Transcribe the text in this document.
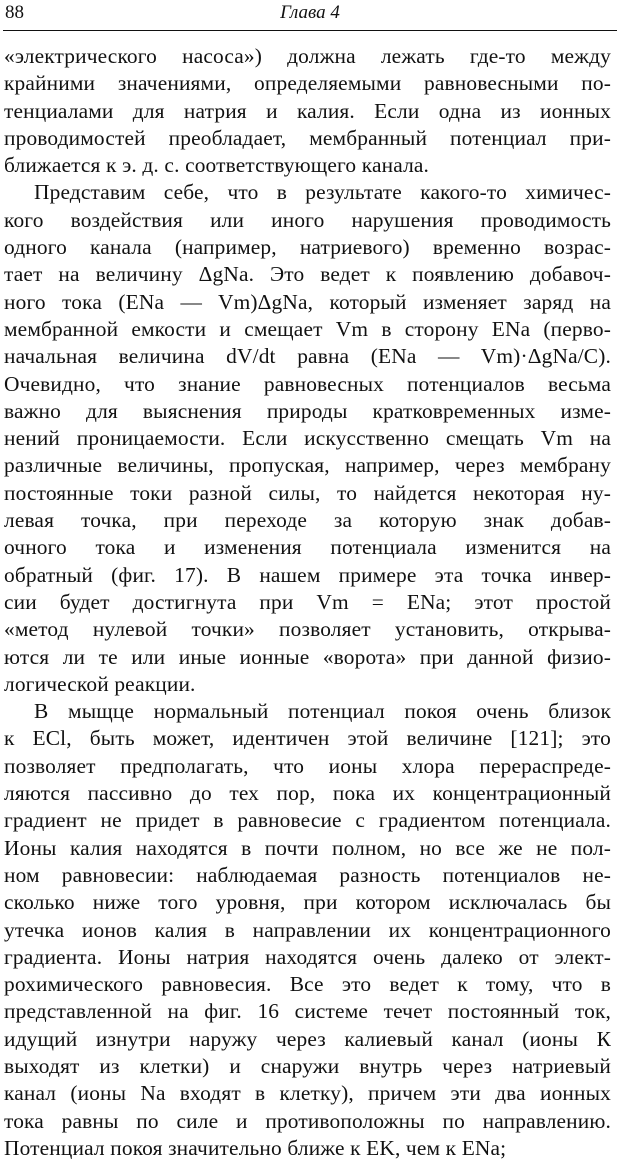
88	Глава 4
«электрического насоса») должна лежать где-то между
крайними значениями, определяемыми равновесными по-
тенциалами для натрия и калия. Если одна из ионных
проводимостей преобладает, мембранный потенциал при-
ближается к э. д. с. соответствующего канала.
Представим себе, что в результате какого-то химичес-
кого воздействия или иного нарушения проводимость
одного канала (например, натриевого) временно возрас-
тает на величину ΔgNa. Это ведет к появлению добавоч-
ного тока (ENa — Vm)ΔgNa, который изменяет заряд на
мембранной емкости и смещает Vm в сторону ENa (перво-
начальная величина dV/dt равна (ENa — Vm)·ΔgNa/C).
Очевидно, что знание равновесных потенциалов весьма
важно для выяснения природы кратковременных изме-
нений проницаемости. Если искусственно смещать Vm на
различные величины, пропуская, например, через мембрану
постоянные токи разной силы, то найдется некоторая ну-
левая точка, при переходе за которую знак добав-
очного тока и изменения потенциала изменится на
обратный (фиг. 17). В нашем примере эта точка инвер-
сии будет достигнута при Vm = ENa; этот простой
«метод нулевой точки» позволяет установить, открыва-
ются ли те или иные ионные «ворота» при данной физио-
логической реакции.
В мыщце нормальный потенциал покоя очень близок
к ECl, быть может, идентичен этой величине [121]; это
позволяет предполагать, что ионы хлора перераспреде-
ляются пассивно до тех пор, пока их концентрационный
градиент не придет в равновесие с градиентом потенциала.
Ионы калия находятся в почти полном, но все же не пол-
ном равновесии: наблюдаемая разность потенциалов не-
сколько ниже того уровня, при котором исключалась бы
утечка ионов калия в направлении их концентрационного
градиента. Ионы натрия находятся очень далеко от элект-
рохимического равновесия. Все это ведет к тому, что в
представленной на фиг. 16 системе течет постоянный ток,
идущий изнутри наружу через калиевый канал (ионы К
выходят из клетки) и снаружи внутрь через натриевый
канал (ионы Na входят в клетку), причем эти два ионных
тока равны по силе и противоположны по направлению.
Потенциал покоя значительно ближе к EK, чем к ENa;
